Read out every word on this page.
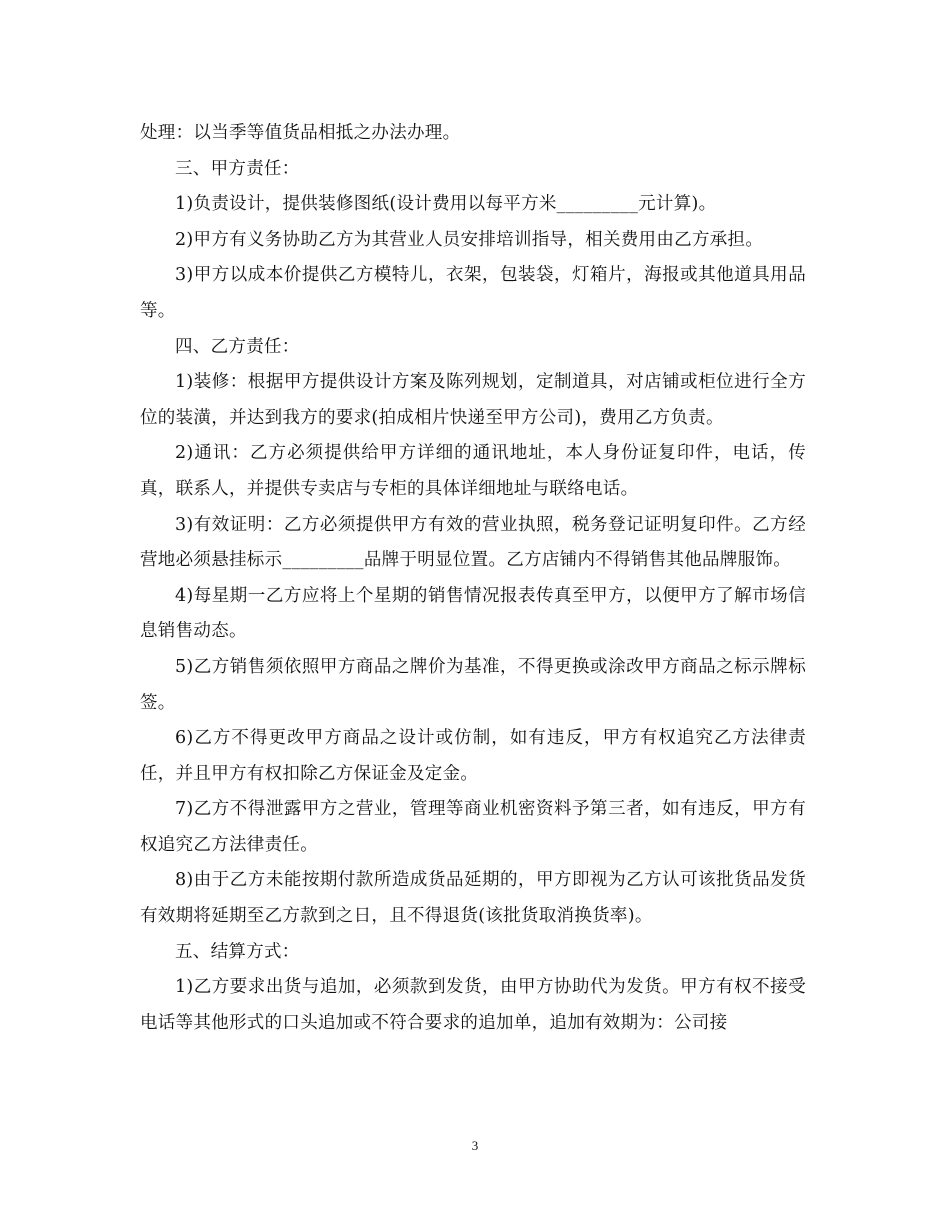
处理：以当季等值货品相抵之办法办理。

三、甲方责任：

1)负责设计，提供装修图纸(设计费用以每平方米_________元计算)。

2)甲方有义务协助乙方为其营业人员安排培训指导，相关费用由乙方承担。

3)甲方以成本价提供乙方模特儿，衣架，包装袋，灯箱片，海报或其他道具用品等。

四、乙方责任：

1)装修：根据甲方提供设计方案及陈列规划，定制道具，对店铺或柜位进行全方位的装潢，并达到我方的要求(拍成相片快递至甲方公司)，费用乙方负责。

2)通讯：乙方必须提供给甲方详细的通讯地址，本人身份证复印件，电话，传真，联系人，并提供专卖店与专柜的具体详细地址与联络电话。

3)有效证明：乙方必须提供甲方有效的营业执照，税务登记证明复印件。乙方经营地必须悬挂标示_________品牌于明显位置。乙方店铺内不得销售其他品牌服饰。

4)每星期一乙方应将上个星期的销售情况报表传真至甲方，以便甲方了解市场信息销售动态。

5)乙方销售须依照甲方商品之牌价为基准，不得更换或涂改甲方商品之标示牌标签。

6)乙方不得更改甲方商品之设计或仿制，如有违反，甲方有权追究乙方法律责任，并且甲方有权扣除乙方保证金及定金。

7)乙方不得泄露甲方之营业，管理等商业机密资料予第三者，如有违反，甲方有权追究乙方法律责任。

8)由于乙方未能按期付款所造成货品延期的，甲方即视为乙方认可该批货品发货有效期将延期至乙方款到之日，且不得退货(该批货取消换货率)。

五、结算方式：

1)乙方要求出货与追加，必须款到发货，由甲方协助代为发货。甲方有权不接受电话等其他形式的口头追加或不符合要求的追加单，追加有效期为：公司接

3
